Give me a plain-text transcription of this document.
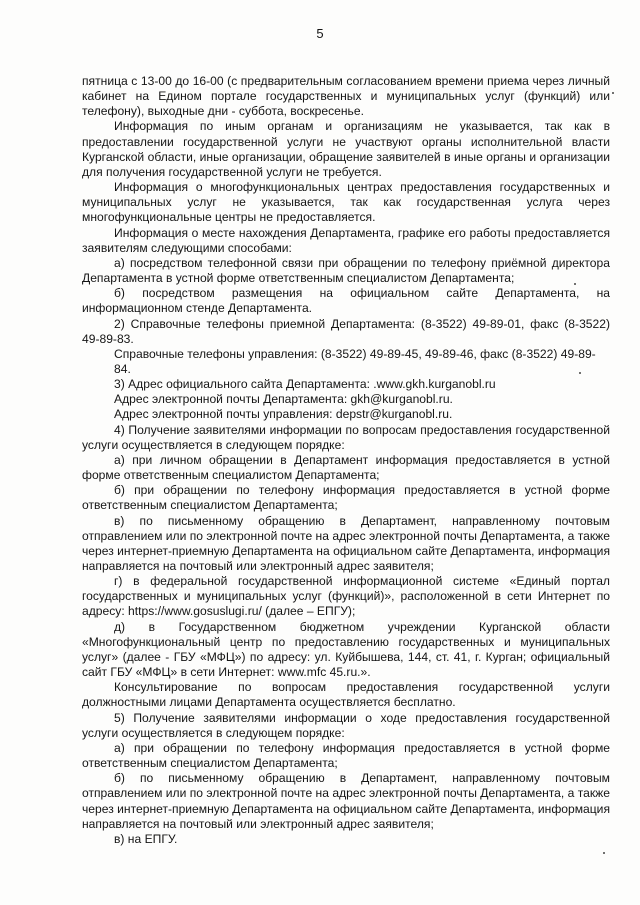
5

пятница с 13-00 до 16-00 (с предварительным согласованием времени приема через личный кабинет на Едином портале государственных и муниципальных услуг (функций) или телефону), выходные дни - суббота, воскресенье.

Информация по иным органам и организациям не указывается, так как в предоставлении государственной услуги не участвуют органы исполнительной власти Курганской области, иные организации, обращение заявителей в иные органы и организации для получения государственной услуги не требуется.

Информация о многофункциональных центрах предоставления государственных и муниципальных услуг не указывается, так как государственная услуга через многофункциональные центры не предоставляется.

Информация о месте нахождения Департамента, графике его работы предоставляется заявителям следующими способами:

а) посредством телефонной связи при обращении по телефону приёмной директора Департамента в устной форме ответственным специалистом Департамента;

б) посредством размещения на официальном сайте Департамента, на информационном стенде Департамента.

2) Справочные телефоны приемной Департамента: (8-3522) 49-89-01, факс (8-3522) 49-89-83.

Справочные телефоны управления: (8-3522) 49-89-45, 49-89-46, факс (8-3522) 49-89-84.

3) Адрес официального сайта Департамента: .www.gkh.kurganobl.ru

Адрес электронной почты Департамента: gkh@kurganobl.ru.

Адрес электронной почты управления: depstr@kurganobl.ru.

4) Получение заявителями информации по вопросам предоставления государственной услуги осуществляется в следующем порядке:

а) при личном обращении в Департамент информация предоставляется в устной форме ответственным специалистом Департамента;

б) при обращении по телефону информация предоставляется в устной форме ответственным специалистом Департамента;

в) по письменному обращению в Департамент, направленному почтовым отправлением или по электронной почте на адрес электронной почты Департамента, а также через интернет-приемную Департамента на официальном сайте Департамента, информация направляется на почтовый или электронный адрес заявителя;

г) в федеральной государственной информационной системе «Единый портал государственных и муниципальных услуг (функций)», расположенной в сети Интернет по адресу: https://www.gosuslugi.ru/ (далее – ЕПГУ);

д) в Государственном бюджетном учреждении Курганской области «Многофункциональный центр по предоставлению государственных и муниципальных услуг» (далее - ГБУ «МФЦ») по адресу: ул. Куйбышева, 144, ст. 41, г. Курган; официальный сайт ГБУ «МФЦ» в сети Интернет: www.mfc 45.ru.».

Консультирование по вопросам предоставления государственной услуги должностными лицами Департамента осуществляется бесплатно.

5) Получение заявителями информации о ходе предоставления государственной услуги осуществляется в следующем порядке:

а) при обращении по телефону информация предоставляется в устной форме ответственным специалистом Департамента;

б) по письменному обращению в Департамент, направленному почтовым отправлением или по электронной почте на адрес электронной почты Департамента, а также через интернет-приемную Департамента на официальном сайте Департамента, информация направляется на почтовый или электронный адрес заявителя;

в) на ЕПГУ.
